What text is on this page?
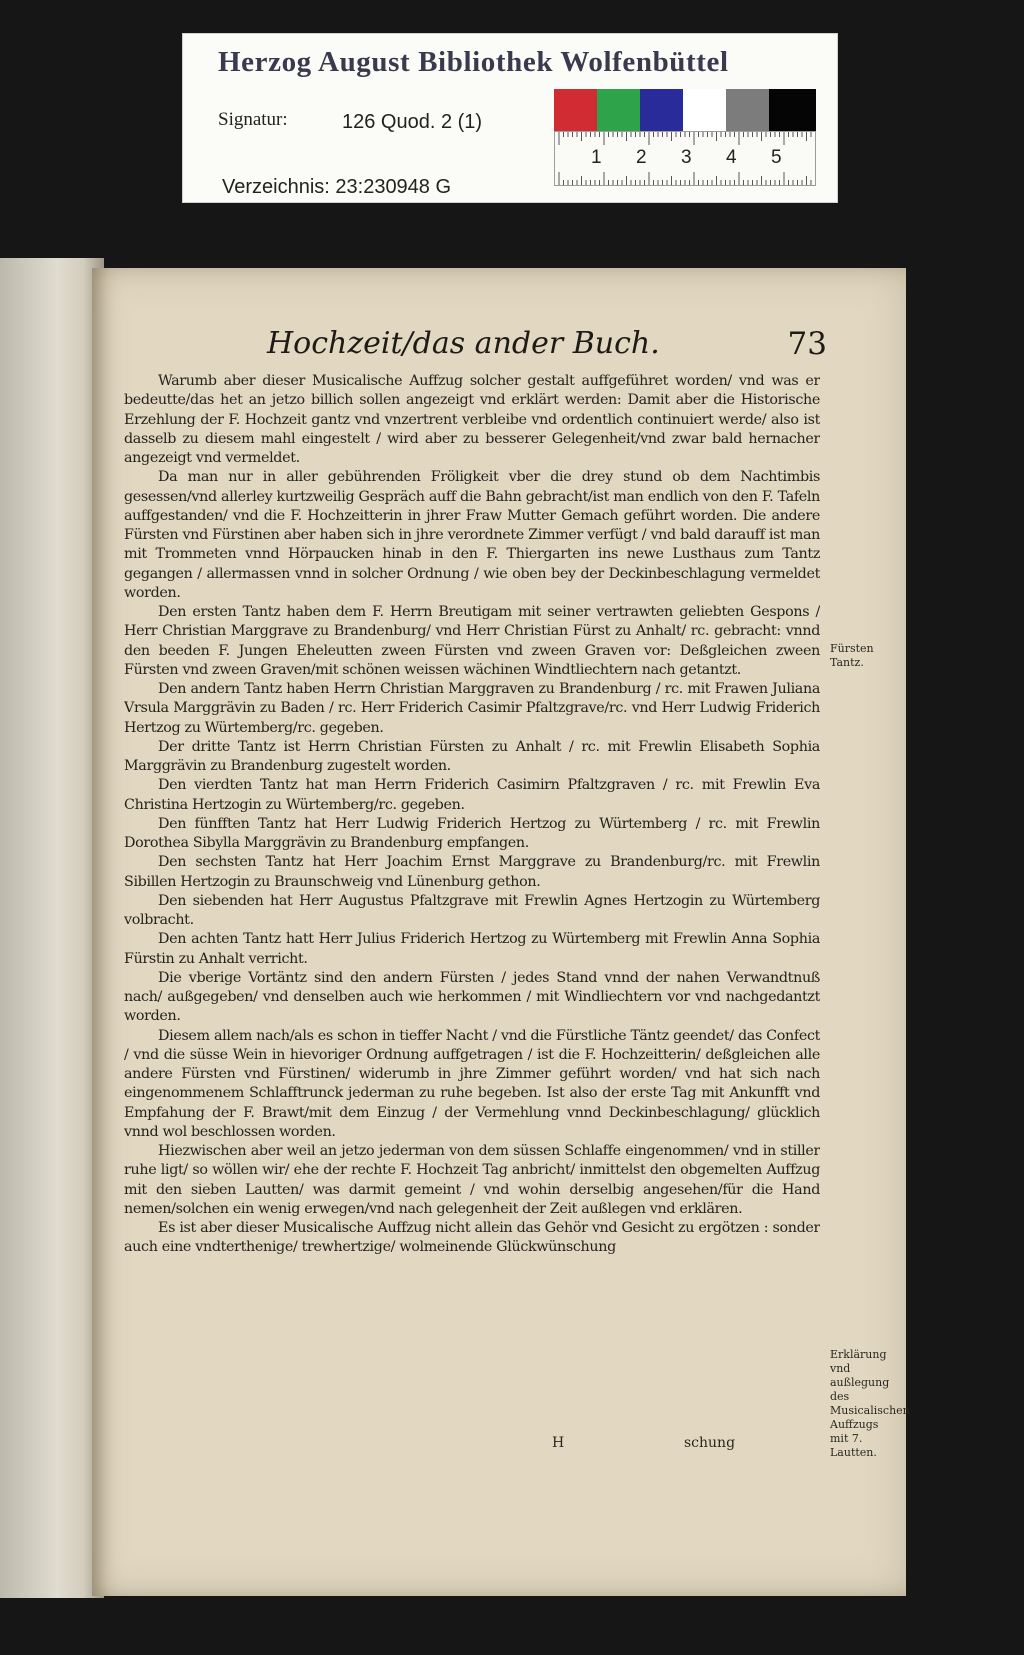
Herzog August Bibliothek Wolfenbüttel
Signatur:	126 Quod. 2 (1)
Verzeichnis: 23:230948 G
1 2 3 4 5
Hochzeit/das ander Buch.	73

Warumb aber dieser Musicalische Auffzug solcher gestalt auffgeführet worden/ vnd was er bedeutte/das het an jetzo billich sollen angezeigt vnd erklärt werden: Damit aber die Historische Erzehlung der F. Hochzeit gantz vnd vnzertrent verbleibe vnd ordentlich continuiert werde/ also ist dasselb zu diesem mahl eingestelt / wird aber zu besserer Gelegenheit/vnd zwar bald hernacher angezeigt vnd vermeldet.

Da man nur in aller gebührenden Fröligkeit vber die drey stund ob dem Nachtimbis gesessen/vnd allerley kurtzweilig Gespräch auff die Bahn gebracht/ist man endlich von den F. Tafeln auffgestanden/ vnd die F. Hochzeitterin in jhrer Fraw Mutter Gemach geführt worden. Die andere Fürsten vnd Fürstinen aber haben sich in jhre verordnete Zimmer verfügt / vnd bald darauff ist man mit Trommeten vnnd Hörpaucken hinab in den F. Thiergarten ins newe Lusthaus zum Tantz gegangen / allermassen vnnd in solcher Ordnung / wie oben bey der Deckinbeschlagung vermeldet worden.

Den ersten Tantz haben dem F. Herrn Breutigam mit seiner vertrawten geliebten Gespons / Herr Christian Marggrave zu Brandenburg/ vnd Herr Christian Fürst zu Anhalt/ rc. gebracht: vnnd den beeden F. Jungen Eheleutten zween Fürsten vnd zween Graven vor: Deßgleichen zween Fürsten vnd zween Graven/mit schönen weissen wächinen Windtliechtern nach getantzt.

Den andern Tantz haben Herrn Christian Marggraven zu Brandenburg / rc. mit Frawen Juliana Vrsula Marggrävin zu Baden / rc. Herr Friderich Casimir Pfaltzgrave/rc. vnd Herr Ludwig Friderich Hertzog zu Würtemberg/rc. gegeben.

Der dritte Tantz ist Herrn Christian Fürsten zu Anhalt / rc. mit Frewlin Elisabeth Sophia Marggrävin zu Brandenburg zugestelt worden.

Den vierdten Tantz hat man Herrn Friderich Casimirn Pfaltzgraven / rc. mit Frewlin Eva Christina Hertzogin zu Würtemberg/rc. gegeben.

Den fünfften Tantz hat Herr Ludwig Friderich Hertzog zu Würtemberg / rc. mit Frewlin Dorothea Sibylla Marggrävin zu Brandenburg empfangen.

Den sechsten Tantz hat Herr Joachim Ernst Marggrave zu Brandenburg/rc. mit Frewlin Sibillen Hertzogin zu Braunschweig vnd Lünenburg gethon.

Den siebenden hat Herr Augustus Pfaltzgrave mit Frewlin Agnes Hertzogin zu Würtemberg volbracht.

Den achten Tantz hatt Herr Julius Friderich Hertzog zu Würtemberg mit Frewlin Anna Sophia Fürstin zu Anhalt verricht.

Die vberige Vortäntz sind den andern Fürsten / jedes Stand vnnd der nahen Verwandtnuß nach/ außgegeben/ vnd denselben auch wie herkommen / mit Windliechtern vor vnd nachgedantzt worden.

Diesem allem nach/als es schon in tieffer Nacht / vnd die Fürstliche Täntz geendet/ das Confect / vnd die süsse Wein in hievoriger Ordnung auffgetragen / ist die F. Hochzeitterin/ deßgleichen alle andere Fürsten vnd Fürstinen/ widerumb in jhre Zimmer geführt worden/ vnd hat sich nach eingenommenem Schlafftrunck jederman zu ruhe begeben. Ist also der erste Tag mit Ankunfft vnd Empfahung der F. Brawt/mit dem Einzug / der Vermehlung vnnd Deckinbeschlagung/ glücklich vnnd wol beschlossen worden.

Hiezwischen aber weil an jetzo jederman von dem süssen Schlaffe eingenommen/ vnd in stiller ruhe ligt/ so wöllen wir/ ehe der rechte F. Hochzeit Tag anbricht/ inmittelst den obgemelten Auffzug mit den sieben Lautten/ was darmit gemeint / vnd wohin derselbig angesehen/für die Hand nemen/solchen ein wenig erwegen/vnd nach gelegenheit der Zeit außlegen vnd erklären.

Es ist aber dieser Musicalische Auffzug nicht allein das Gehör vnd Gesicht zu ergötzen : sonder auch eine vndterthenige/ trewhertzige/ wolmeinende Glückwünschung

Fürsten Tantz.
Erklärung vnd außlegung des Musicalischen Auffzugs mit 7. Lautten.
H	schung
